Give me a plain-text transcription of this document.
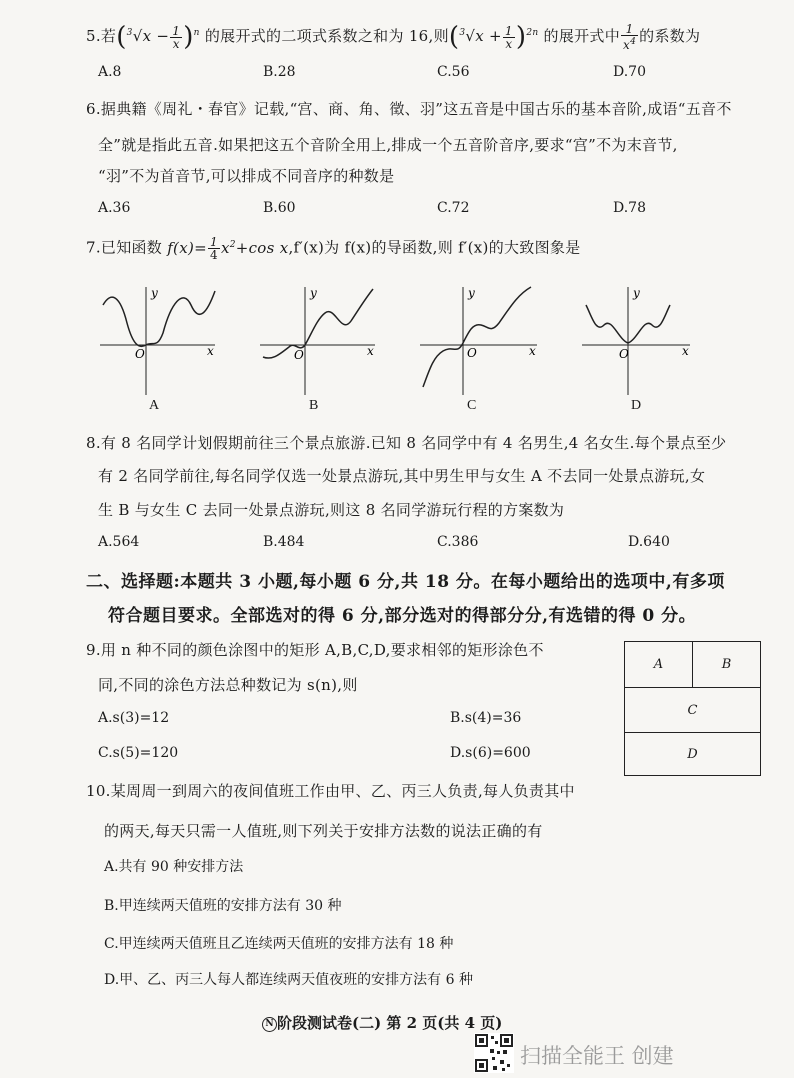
5.若$(^3√x - \frac{1}{x} )^n$ 的展开式的二项式系数之和为 16,则$(^3√x + \frac{1}{x} )^{2n}$ 的展开式中 $\frac{1}{x^4}$ 的系数为
A.8	B.28	C.56	D.70
6.据典籍《周礼・春官》记载,“宫、商、角、徵、羽”这五音是中国古乐的基本音阶,成语“五音不
全”就是指此五音.如果把这五个音阶全用上,排成一个五音阶音序,要求“宫”不为末音节,
“羽”不为首音节,可以排成不同音序的种数是
A.36	B.60	C.72	D.78
7.已知函数 $f(x)= \frac{1}{4} x^2+\cos$ x,f′(x)为 f(x)的导函数,则 f′(x)的大致图象是
O
y
x
A
O
y
x
B
O
y
x
C
O
y
x
D
8.有 8 名同学计划假期前往三个景点旅游.已知 8 名同学中有 4 名男生,4 名女生.每个景点至少
有 2 名同学前往,每名同学仅选一处景点游玩,其中男生甲与女生 A 不去同一处景点游玩,女
生 B 与女生 C 去同一处景点游玩,则这 8 名同学游玩行程的方案数为
A.564	B.484	C.386	D.640
二、选择题:本题共 3 小题,每小题 6 分,共 18 分。在每小题给出的选项中,有多项
符合题目要求。全部选对的得 6 分,部分选对的得部分分,有选错的得 0 分。
9.用 n 种不同的颜色涂图中的矩形 A,B,C,D,要求相邻的矩形涂色不
同,不同的涂色方法总种数记为 s(n),则
A.s(3)=12	B.s(4)=36
C.s(5)=120	D.s(6)=600
A	B
C
D
10.某周周一到周六的夜间值班工作由甲、乙、丙三人负责,每人负责其中
的两天,每天只需一人值班,则下列关于安排方法数的说法正确的有
A.共有 90 种安排方法
B.甲连续两天值班的安排方法有 30 种
C.甲连续两天值班且乙连续两天值班的安排方法有 18 种
D.甲、乙、丙三人每人都连续两天值夜班的安排方法有 6 种
N 阶段测试卷(二) 第 2 页(共 4 页)
扫描全能王 创建
